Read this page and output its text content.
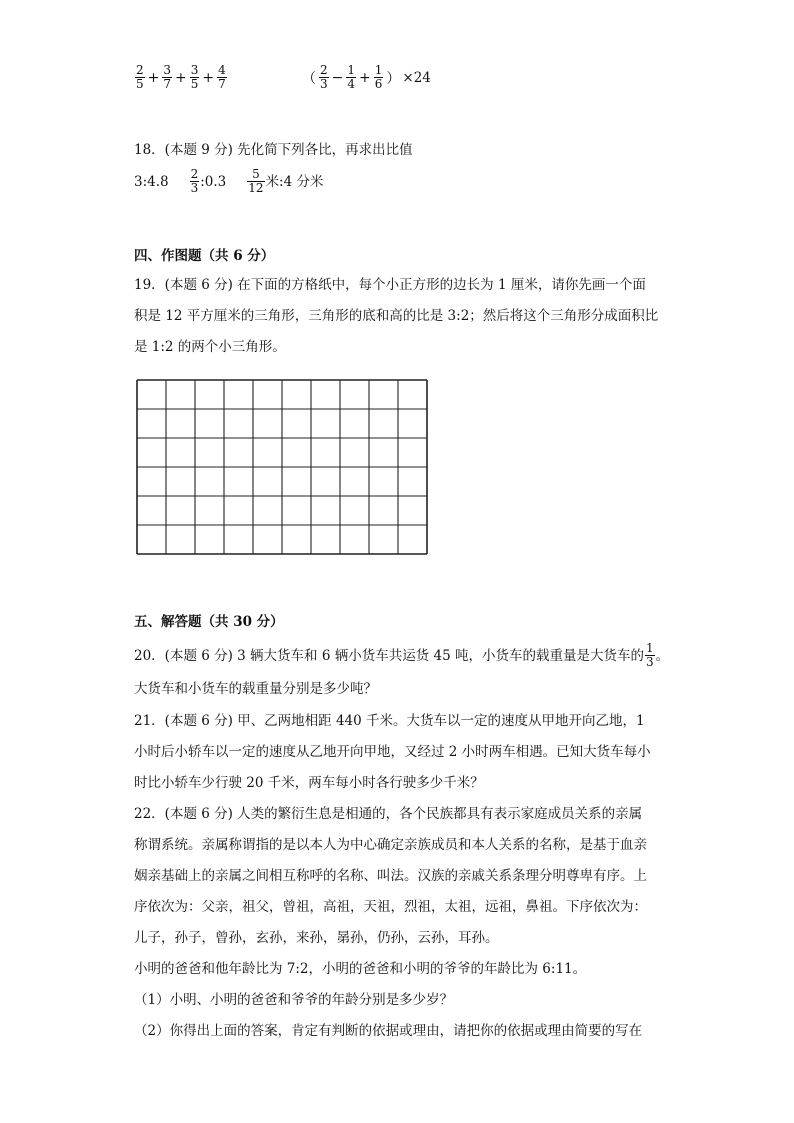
$\frac{2}{5} + \frac{3}{7} + \frac{3}{5} + \frac{4}{7}$	（ $\frac{2}{3} - \frac{1}{4} + \frac{1}{6}$ ） ×24
18．(本题 9 分) 先化简下列各比，再求出比值
3:4.8 $\frac{2}{3}$ :0.3 $\frac{5}{12}$ 米:4 分米
四、作图题（共 6 分）
19．(本题 6 分) 在下面的方格纸中，每个小正方形的边长为 1 厘米，请你先画一个面
积是 12 平方厘米的三角形，三角形的底和高的比是 3:2；然后将这个三角形分成面积比
是 1:2 的两个小三角形。
五、解答题（共 30 分）
20．(本题 6 分) 3 辆大货车和 6 辆小货车共运货 45 吨，小货车的载重量是大货车的 $\frac{1}{3}$ 。
大货车和小货车的载重量分别是多少吨？
21．(本题 6 分) 甲、乙两地相距 440 千米。大货车以一定的速度从甲地开向乙地，1
小时后小轿车以一定的速度从乙地开向甲地，又经过 2 小时两车相遇。已知大货车每小
时比小轿车少行驶 20 千米，两车每小时各行驶多少千米？
22．(本题 6 分) 人类的繁衍生息是相通的，各个民族都具有表示家庭成员关系的亲属
称谓系统。亲属称谓指的是以本人为中心确定亲族成员和本人关系的名称，是基于血亲
姻亲基础上的亲属之间相互称呼的名称、叫法。汉族的亲戚关系条理分明尊卑有序。上
序依次为：父亲，祖父，曾祖，高祖，天祖，烈祖，太祖，远祖，鼻祖。下序依次为：
儿子，孙子，曾孙，玄孙，来孙，晜孙，仍孙，云孙，耳孙。
小明的爸爸和他年龄比为 7:2，小明的爸爸和小明的爷爷的年龄比为 6:11。
（1）小明、小明的爸爸和爷爷的年龄分别是多少岁？
（2）你得出上面的答案，肯定有判断的依据或理由，请把你的依据或理由简要的写在
